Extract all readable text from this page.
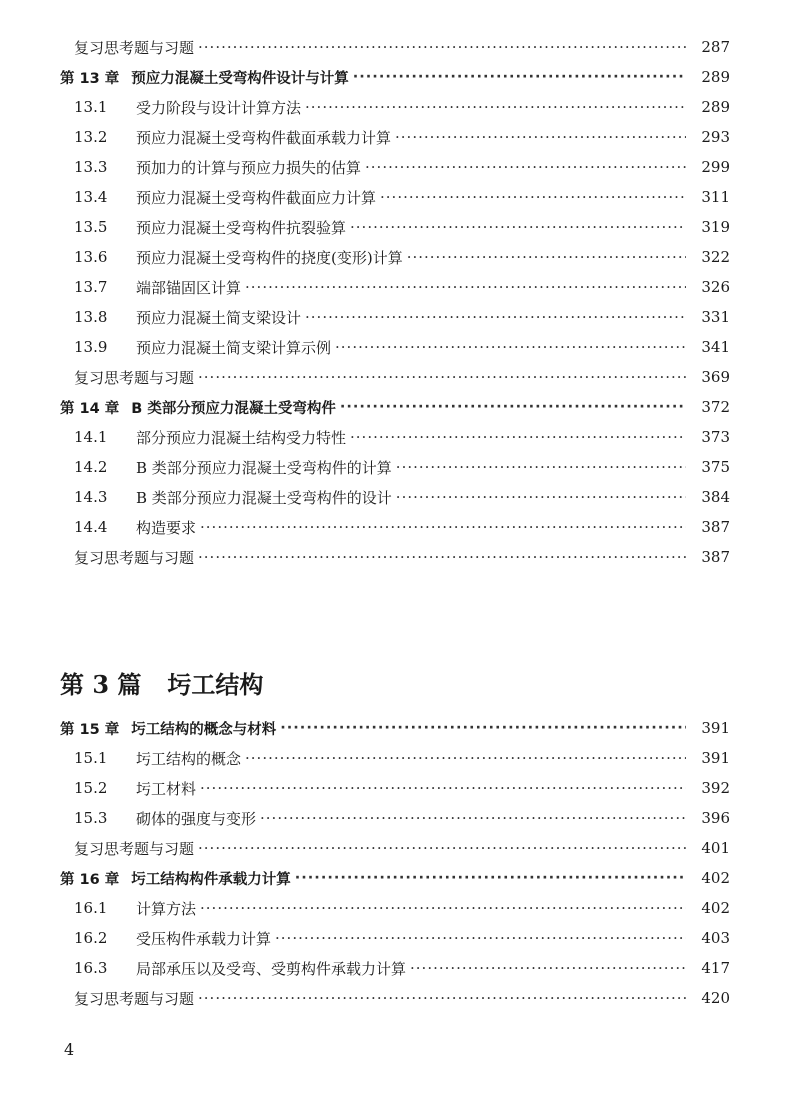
复习思考题与习题 ·····	287
第 13 章 预应力混凝土受弯构件设计与计算 ·····	289
13.1	受力阶段与设计计算方法 ·····	289
13.2	预应力混凝土受弯构件截面承载力计算 ·····	293
13.3	预加力的计算与预应力损失的估算 ·····	299
13.4	预应力混凝土受弯构件截面应力计算 ·····	311
13.5	预应力混凝土受弯构件抗裂验算 ·····	319
13.6	预应力混凝土受弯构件的挠度(变形)计算 ·····	322
13.7	端部锚固区计算 ·····	326
13.8	预应力混凝土简支梁设计 ·····	331
13.9	预应力混凝土简支梁计算示例 ·····	341
复习思考题与习题 ·····	369
第 14 章 B 类部分预应力混凝土受弯构件 ·····	372
14.1	部分预应力混凝土结构受力特性 ·····	373
14.2	B 类部分预应力混凝土受弯构件的计算 ·····	375
14.3	B 类部分预应力混凝土受弯构件的设计 ·····	384
14.4	构造要求 ·····	387
复习思考题与习题 ·····	387
第 3 篇 圬工结构
第 15 章 圬工结构的概念与材料 ·····	391
15.1	圬工结构的概念 ·····	391
15.2	圬工材料 ·····	392
15.3	砌体的强度与变形 ·····	396
复习思考题与习题 ·····	401
第 16 章 圬工结构构件承载力计算 ·····	402
16.1	计算方法 ·····	402
16.2	受压构件承载力计算 ·····	403
16.3	局部承压以及受弯、受剪构件承载力计算 ·····	417
复习思考题与习题 ·····	420
4
